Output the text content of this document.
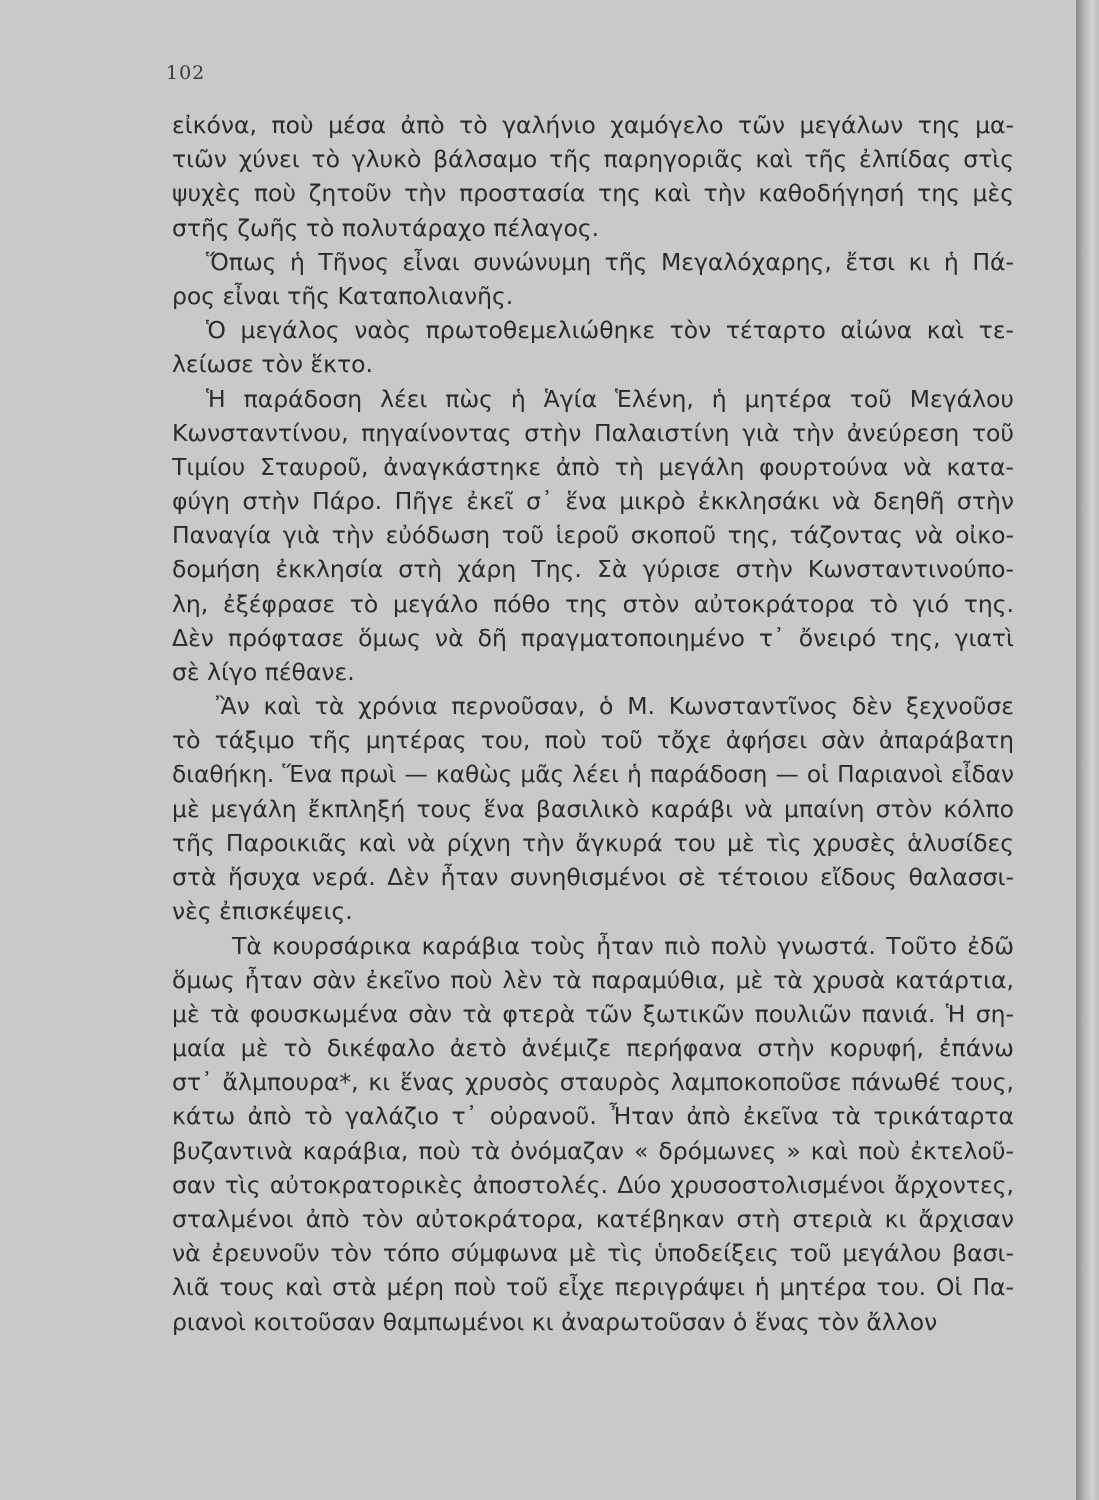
102
εἰκόνα, ποὺ μέσα ἀπὸ τὸ γαλήνιο χαμόγελο τῶν μεγάλων της μα-
τιῶν χύνει τὸ γλυκὸ βάλσαμο τῆς παρηγοριᾶς καὶ τῆς ἐλπίδας στὶς
ψυχὲς ποὺ ζητοῦν τὴν προστασία της καὶ τὴν καθοδήγησή της μὲς
στῆς ζωῆς τὸ πολυτάραχο πέλαγος.
Ὅπως ἡ Τῆνος εἶναι συνώνυμη τῆς Μεγαλόχαρης, ἔτσι κι ἡ Πά-
ρος εἶναι τῆς Καταπολιανῆς.
Ὁ μεγάλος ναὸς πρωτοθεμελιώθηκε τὸν τέταρτο αἰώνα καὶ τε-
λείωσε τὸν ἕκτο.
Ἡ παράδοση λέει πὼς ἡ Ἁγία Ἑλένη, ἡ μητέρα τοῦ Μεγάλου
Κωνσταντίνου, πηγαίνοντας στὴν Παλαιστίνη γιὰ τὴν ἀνεύρεση τοῦ
Τιμίου Σταυροῦ, ἀναγκάστηκε ἀπὸ τὴ μεγάλη φουρτούνα νὰ κατα-
φύγη στὴν Πάρο. Πῆγε ἐκεῖ σ᾽ ἕνα μικρὸ ἐκκλησάκι νὰ δεηθῆ στὴν
Παναγία γιὰ τὴν εὐόδωση τοῦ ἱεροῦ σκοποῦ της, τάζοντας νὰ οἰκο-
δομήση ἐκκλησία στὴ χάρη Της. Σὰ γύρισε στὴν Κωνσταντινούπο-
λη, ἐξέφρασε τὸ μεγάλο πόθο της στὸν αὐτοκράτορα τὸ γιό της.
Δὲν πρόφτασε ὅμως νὰ δῆ πραγματοποιημένο τ᾽ ὄνειρό της, γιατὶ
σὲ λίγο πέθανε.
Ἂν καὶ τὰ χρόνια περνοῦσαν, ὁ Μ. Κωνσταντῖνος δὲν ξεχνοῦσε
τὸ τάξιμο τῆς μητέρας του, ποὺ τοῦ τὄχε ἀφήσει σὰν ἀπαράβατη
διαθήκη. Ἕνα πρωὶ — καθὼς μᾶς λέει ἡ παράδοση — οἱ Παριανοὶ εἶδαν
μὲ μεγάλη ἔκπληξή τους ἕνα βασιλικὸ καράβι νὰ μπαίνη στὸν κόλπο
τῆς Παροικιᾶς καὶ νὰ ρίχνη τὴν ἄγκυρά του μὲ τὶς χρυσὲς ἁλυσίδες
στὰ ἥσυχα νερά. Δὲν ἦταν συνηθισμένοι σὲ τέτοιου εἴδους θαλασσι-
νὲς ἐπισκέψεις.
Τὰ κουρσάρικα καράβια τοὺς ἦταν πιὸ πολὺ γνωστά. Τοῦτο ἐδῶ
ὅμως ἦταν σὰν ἐκεῖνο ποὺ λὲν τὰ παραμύθια, μὲ τὰ χρυσὰ κατάρτια,
μὲ τὰ φουσκωμένα σὰν τὰ φτερὰ τῶν ξωτικῶν πουλιῶν πανιά. Ἡ ση-
μαία μὲ τὸ δικέφαλο ἀετὸ ἀνέμιζε περήφανα στὴν κορυφή, ἐπάνω
στ᾽ ἄλμπουρα*, κι ἕνας χρυσὸς σταυρὸς λαμποκοποῦσε πάνωθέ τους,
κάτω ἀπὸ τὸ γαλάζιο τ᾽ οὐρανοῦ. Ἦταν ἀπὸ ἐκεῖνα τὰ τρικάταρτα
βυζαντινὰ καράβια, ποὺ τὰ ὀνόμαζαν « δρόμωνες » καὶ ποὺ ἐκτελοῦ-
σαν τὶς αὐτοκρατορικὲς ἀποστολές. Δύο χρυσοστολισμένοι ἄρχοντες,
σταλμένοι ἀπὸ τὸν αὐτοκράτορα, κατέβηκαν στὴ στεριὰ κι ἄρχισαν
νὰ ἐρευνοῦν τὸν τόπο σύμφωνα μὲ τὶς ὑποδείξεις τοῦ μεγάλου βασι-
λιᾶ τους καὶ στὰ μέρη ποὺ τοῦ εἶχε περιγράψει ἡ μητέρα του. Οἱ Πα-
ριανοὶ κοιτοῦσαν θαμπωμένοι κι ἀναρωτοῦσαν ὁ ἕνας τὸν ἄλλον
